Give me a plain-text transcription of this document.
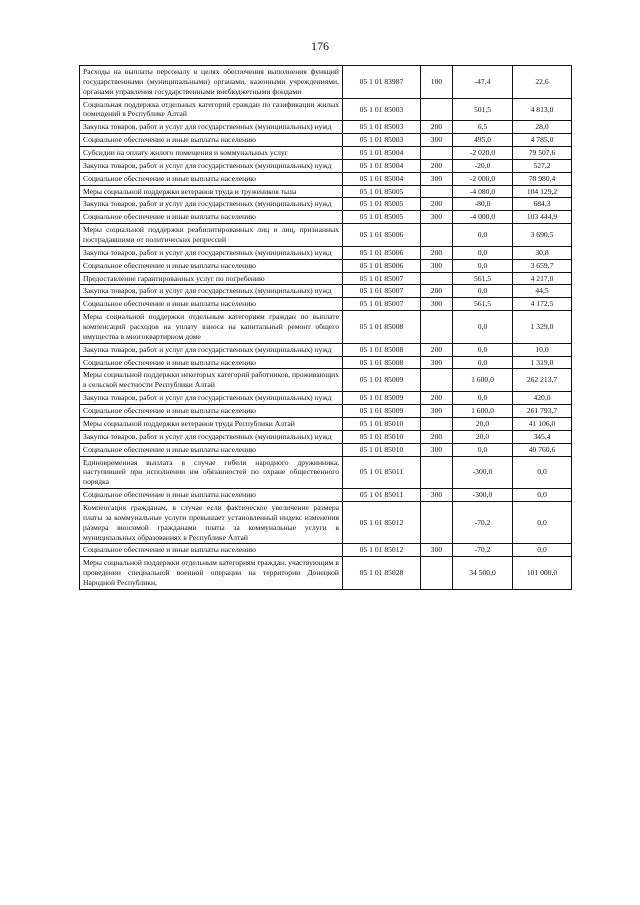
176
Расходы на выплаты персоналу в целях обеспечения выполнения функций государственными (муниципальными) органами, казенными учреждениями, органами управления государственными внебюджетными фондами	05 1 01 83987	100	-47,4	22,6
Социальная поддержка отдельных категорий граждан по газификации жилых помещений в Республике Алтай	05 1 01 85003		501,5	4 813,0
Закупка товаров, работ и услуг для государственных (муниципальных) нужд	05 1 01 85003	200	6,5	28,0
Социальное обеспечение и иные выплаты населению	05 1 01 85003	300	495,0	4 785,0
Субсидии на оплату жилого помещения и коммунальных услуг	05 1 01 85004		-2 020,0	79 507,6
Закупка товаров, работ и услуг для государственных (муниципальных) нужд	05 1 01 85004	200	-20,0	527,2
Социальное обеспечение и иные выплаты населению	05 1 01 85004	300	-2 000,0	78 980,4
Меры социальной поддержки ветеранов труда и тружеников тыла	05 1 01 85005		-4 080,0	104 129,2
Закупка товаров, работ и услуг для государственных (муниципальных) нужд	05 1 01 85005	200	-80,0	684,3
Социальное обеспечение и иные выплаты населению	05 1 01 85005	300	-4 000,0	103 444,9
Меры социальной поддержки реабилитированных лиц и лиц, признанных пострадавшими от политических репрессий	05 1 01 85006		0,0	3 690,5
Закупка товаров, работ и услуг для государственных (муниципальных) нужд	05 1 01 85006	200	0,0	30,8
Социальное обеспечение и иные выплаты населению	05 1 01 85006	300	0,0	3 659,7
Предоставление гарантированных услуг по погребению	05 1 01 85007		561,5	4 217,0
Закупка товаров, работ и услуг для государственных (муниципальных) нужд	05 1 01 85007	200	0,0	44,5
Социальное обеспечение и иные выплаты населению	05 1 01 85007	300	561,5	4 172,5
Меры социальной поддержки отдельным категориям граждан по выплате компенсаций расходов на уплату взноса на капитальный ремонт общего имущества в многоквартирном доме	05 1 01 85008		0,0	1 329,0
Закупка товаров, работ и услуг для государственных (муниципальных) нужд	05 1 01 85008	200	0,0	10,0
Социальное обеспечение и иные выплаты населению	05 1 01 85008	300	0,0	1 319,0
Меры социальной поддержки некоторых категорий работников, проживающих в сельской местности Республики Алтай	05 1 01 85009		1 600,0	262 213,7
Закупка товаров, работ и услуг для государственных (муниципальных) нужд	05 1 01 85009	200	0,0	420,0
Социальное обеспечение и иные выплаты населению	05 1 01 85009	300	1 600,0	261 793,7
Меры социальной поддержки ветеранов труда Республики Алтай	05 1 01 85010		20,0	41 106,0
Закупка товаров, работ и услуг для государственных (муниципальных) нужд	05 1 01 85010	200	20,0	345,4
Социальное обеспечение и иные выплаты населению	05 1 01 85010	300	0,0	40 760,6
Единовременная выплата в случае гибели народного дружинника, наступившей при исполнении им обязанностей по охране общественного порядка	05 1 01 85011		-300,0	0,0
Социальное обеспечение и иные выплаты населению	05 1 01 85011	300	-300,0	0,0
Компенсация гражданам, в случае если фактическое увеличение размера платы за коммунальные услуги превышает установленный индекс изменения размера вносимой гражданами платы за коммунальные услуги в муниципальных образованиях в Республике Алтай	05 1 01 85012		-70,2	0,0
Социальное обеспечение и иные выплаты населению	05 1 01 85012	300	-70,2	0,0
Меры социальной поддержки отдельным категориям граждан, участвующим в проведении специальной военной операции на территории Донецкой Народной Республики,	05 1 01 85028		34 500,0	101 000,0
